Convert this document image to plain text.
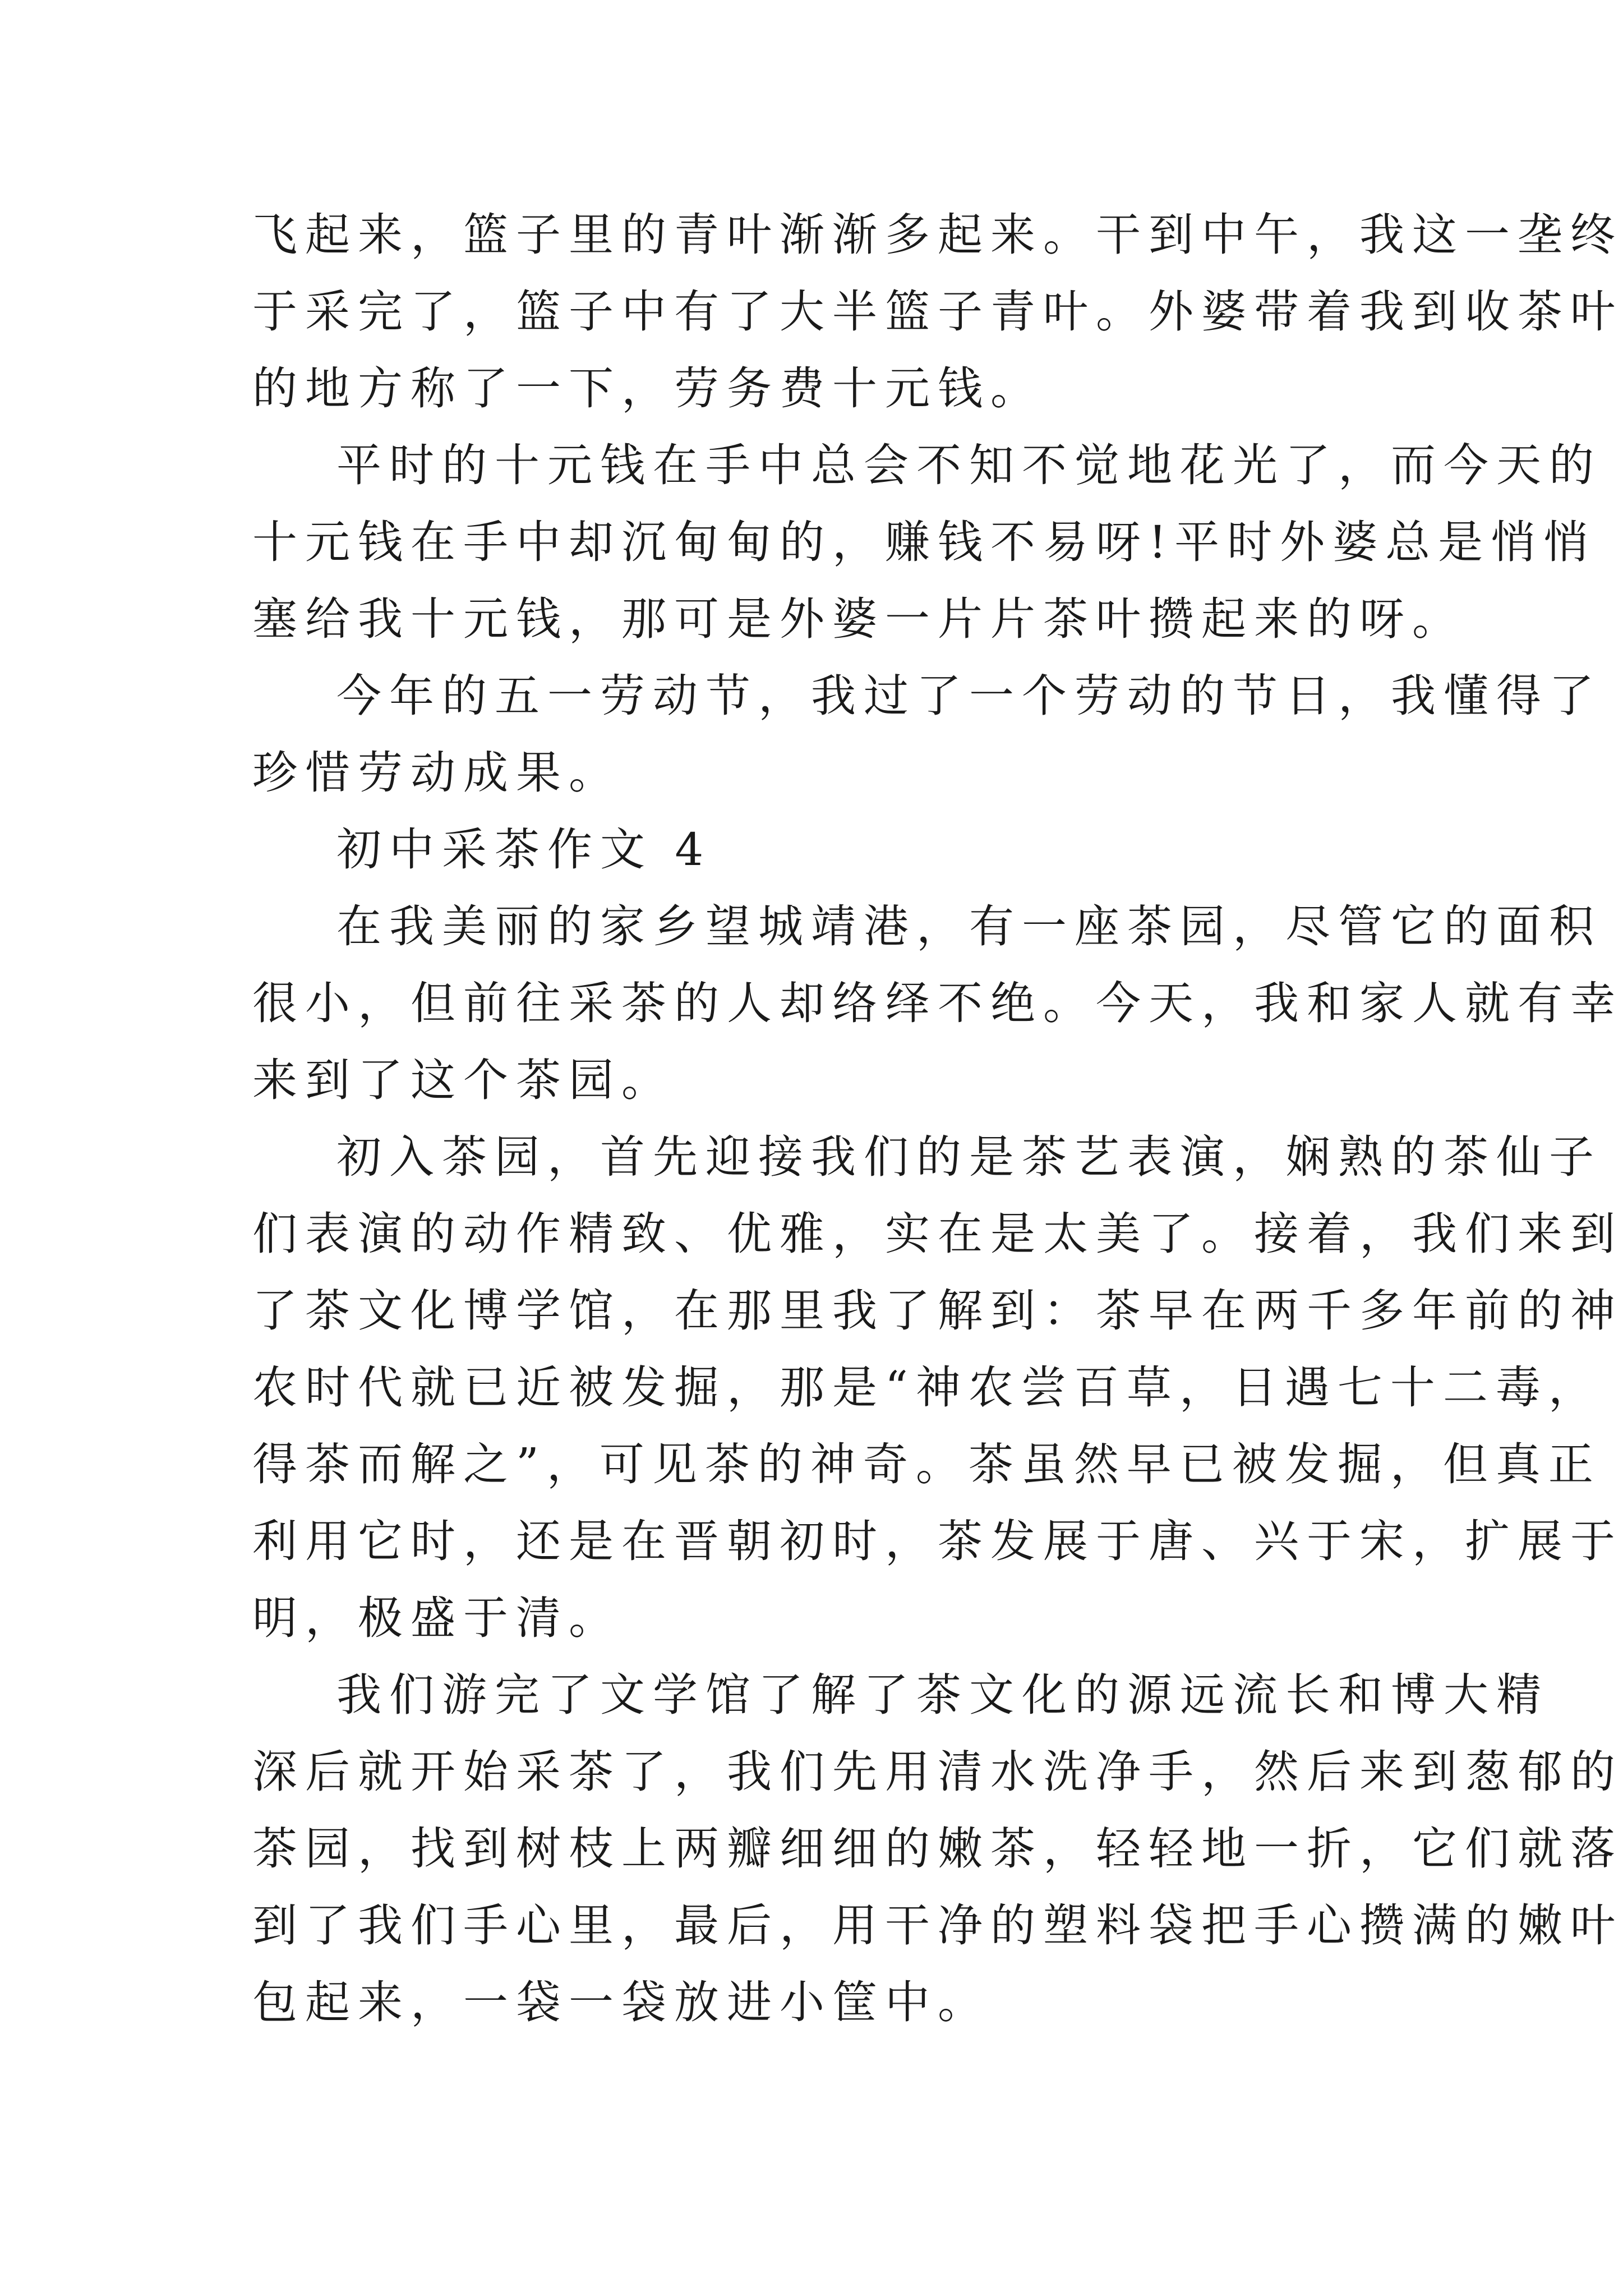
飞起来，篮子里的青叶渐渐多起来。干到中午，我这一垄终
于采完了，篮子中有了大半篮子青叶。外婆带着我到收茶叶
的地方称了一下，劳务费十元钱。
平时的十元钱在手中总会不知不觉地花光了，而今天的
十元钱在手中却沉甸甸的，赚钱不易呀!平时外婆总是悄悄
塞给我十元钱，那可是外婆一片片茶叶攒起来的呀。
今年的五一劳动节，我过了一个劳动的节日，我懂得了
珍惜劳动成果。
初中采茶作文 4
在我美丽的家乡望城靖港，有一座茶园，尽管它的面积
很小，但前往采茶的人却络绎不绝。今天，我和家人就有幸
来到了这个茶园。
初入茶园，首先迎接我们的是茶艺表演，娴熟的茶仙子
们表演的动作精致、优雅，实在是太美了。接着，我们来到
了茶文化博学馆，在那里我了解到：茶早在两千多年前的神
农时代就已近被发掘，那是“神农尝百草，日遇七十二毒，
得茶而解之”，可见茶的神奇。茶虽然早已被发掘，但真正
利用它时，还是在晋朝初时，茶发展于唐、兴于宋，扩展于
明，极盛于清。
我们游完了文学馆了解了茶文化的源远流长和博大精
深后就开始采茶了，我们先用清水洗净手，然后来到葱郁的
茶园，找到树枝上两瓣细细的嫩茶，轻轻地一折，它们就落
到了我们手心里，最后，用干净的塑料袋把手心攒满的嫩叶
包起来，一袋一袋放进小筐中。
